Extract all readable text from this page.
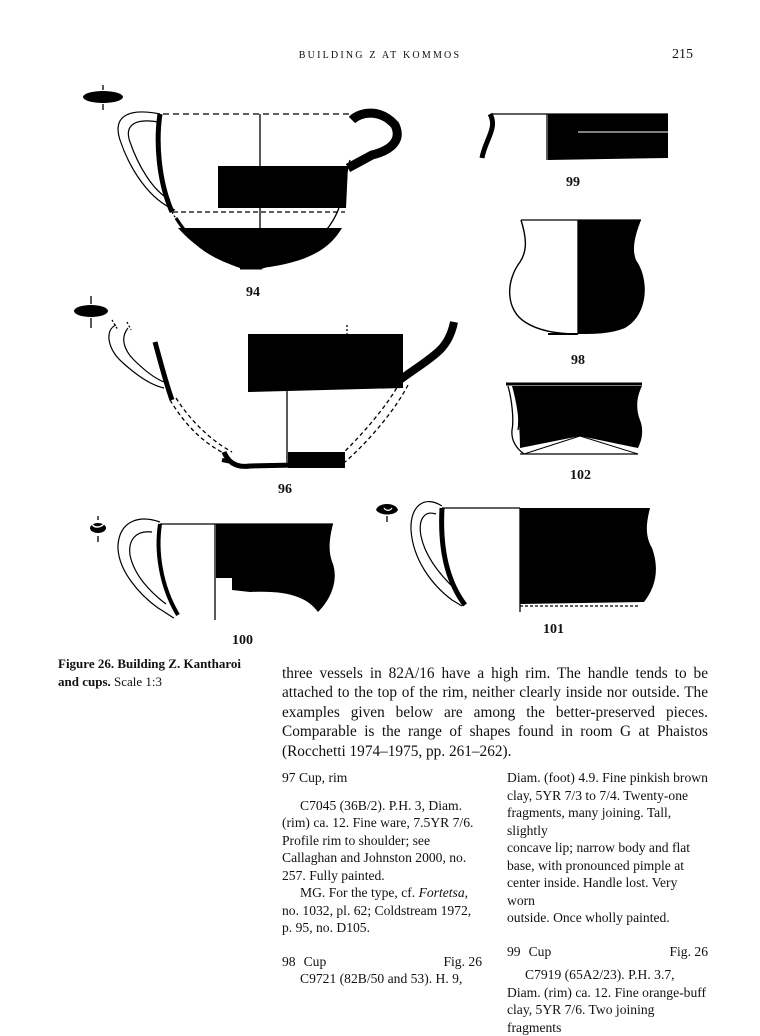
BUILDING Z AT KOMMOS	215
94
99
98
96
102
100
101
Figure 26. Building Z. Kantharoi and cups. Scale 1:3	three vessels in 82A/16 have a high rim. The handle tends to be attached to the top of the rim, neither clearly inside nor outside. The examples given below are among the better-preserved pieces. Comparable is the range of shapes found in room G at Phaistos (Rocchetti 1974–1975, pp. 261–262).

97 Cup, rim

C7045 (36B/2). P.H. 3, Diam.

(rim) ca. 12. Fine ware, 7.5YR 7/6.

Profile rim to shoulder; see

Callaghan and Johnston 2000, no.

257. Fully painted.

MG. For the type, cf. Fortetsa,

no. 1032, pl. 62; Coldstream 1972,

p. 95, no. D105.

98 Cup	Fig. 26

C9721 (82B/50 and 53). H. 9,

Diam. (foot) 4.9. Fine pinkish brown

clay, 5YR 7/3 to 7/4. Twenty-one

fragments, many joining. Tall, slightly

concave lip; narrow body and flat

base, with pronounced pimple at

center inside. Handle lost. Very worn

outside. Once wholly painted.

99 Cup	Fig. 26

C7919 (65A2/23). P.H. 3.7,

Diam. (rim) ca. 12. Fine orange-buff

clay, 5YR 7/6. Two joining fragments
